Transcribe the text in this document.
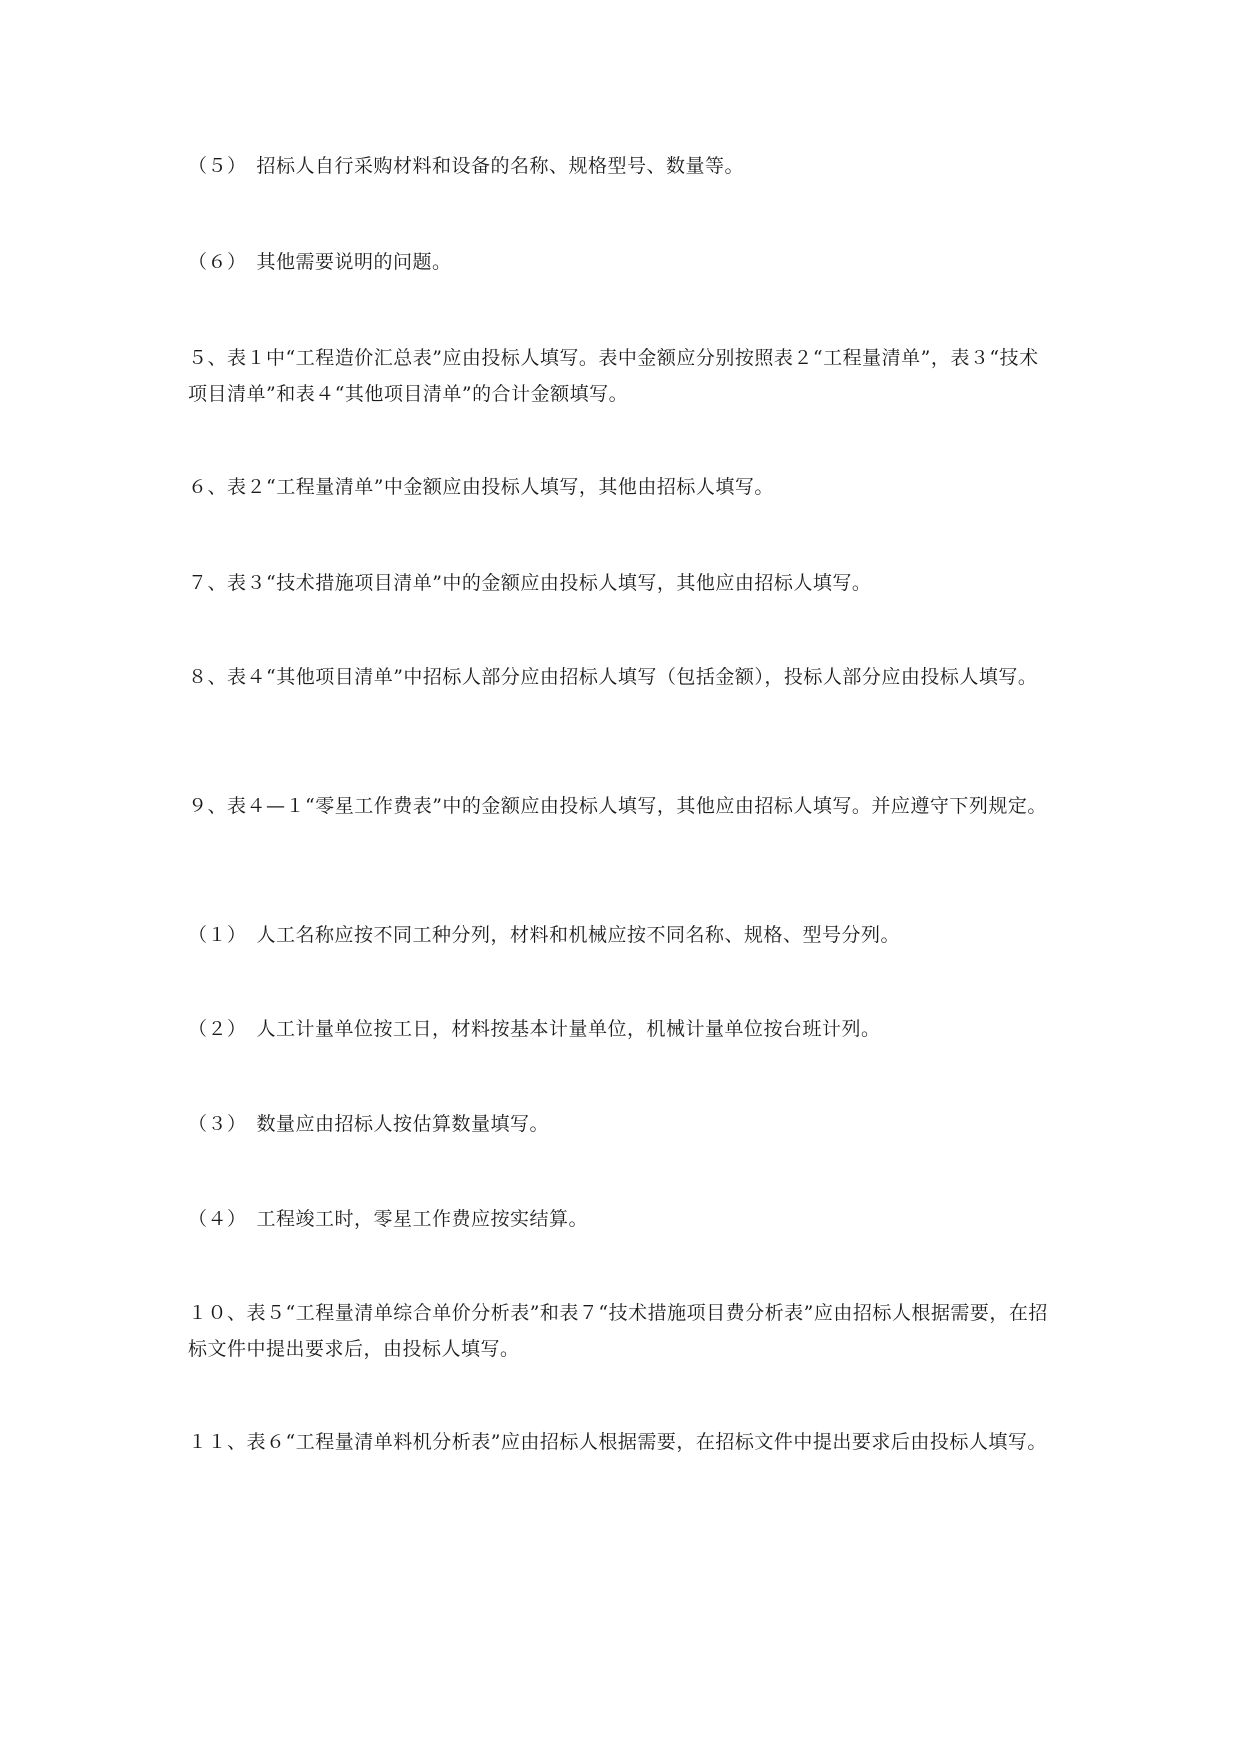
（５）　招标人自行采购材料和设备的名称、规格型号、数量等。

（６）　其他需要说明的问题。

５、表１中“工程造价汇总表”应由投标人填写。表中金额应分别按照表２“工程量清单”，表３“技术项目清单”和表４“其他项目清单”的合计金额填写。

６、表２“工程量清单”中金额应由投标人填写，其他由招标人填写。

７、表３“技术措施项目清单”中的金额应由投标人填写，其他应由招标人填写。

８、表４“其他项目清单”中招标人部分应由招标人填写（包括金额），投标人部分应由投标人填写。

９、表４—１“零星工作费表”中的金额应由投标人填写，其他应由招标人填写。并应遵守下列规定。

（１）　人工名称应按不同工种分列，材料和机械应按不同名称、规格、型号分列。

（２）　人工计量单位按工日，材料按基本计量单位，机械计量单位按台班计列。

（３）　数量应由招标人按估算数量填写。

（４）　工程竣工时，零星工作费应按实结算。

１０、表５“工程量清单综合单价分析表”和表７“技术措施项目费分析表”应由招标人根据需要，在招标文件中提出要求后，由投标人填写。

１１、表６“工程量清单料机分析表”应由招标人根据需要，在招标文件中提出要求后由投标人填写。
